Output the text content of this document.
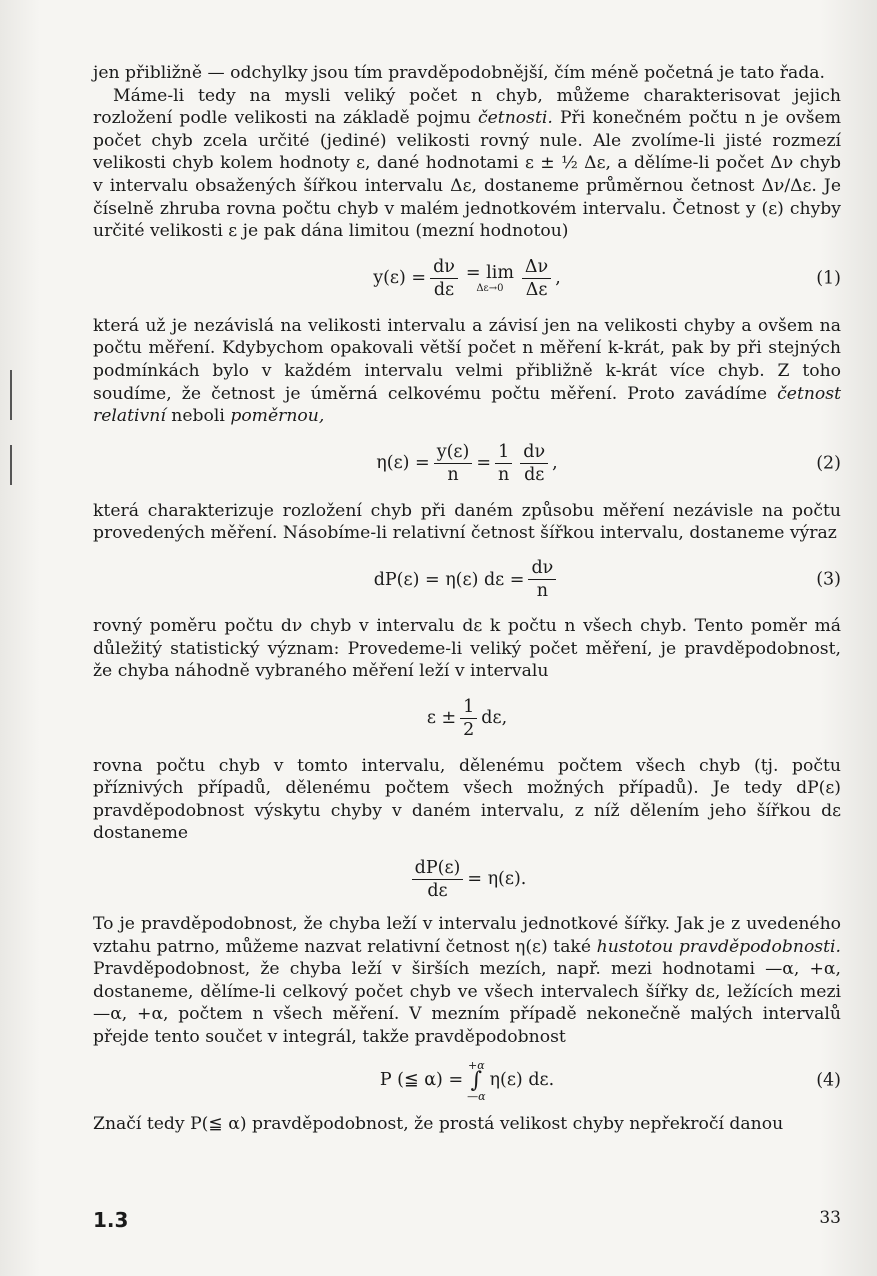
jen přibližně — odchylky jsou tím pravděpodobnější, čím méně početná je tato řada.

Máme-li tedy na mysli veliký počet n chyb, můžeme charakterisovat jejich rozložení podle velikosti na základě pojmu četnosti. Při konečném počtu n je ovšem počet chyb zcela určité (jediné) velikosti rovný nule. Ale zvolíme-li jisté rozmezí velikosti chyb kolem hodnoty ε, dané hodnotami ε ± ½ Δε, a dělíme-li počet Δν chyb v intervalu obsažených šířkou intervalu Δε, dostaneme průměrnou četnost Δν/Δε. Je číselně zhruba rovna počtu chyb v malém jednotkovém intervalu. Četnost y (ε) chyby určité velikosti ε je pak dána limitou (mezní hodnotou)

$y(\varepsilon) = \frac{d\nu}{d\varepsilon} = \lim$
$\Delta\varepsilon\to 0 \frac{\Delta\nu}{\Delta\varepsilon}$ ,	(1)

která už je nezávislá na velikosti intervalu a závisí jen na velikosti chyby a ovšem na počtu měření. Kdybychom opakovali větší počet n měření k-krát, pak by při stejných podmínkách bylo v každém intervalu velmi přibližně k-krát více chyb. Z toho soudíme, že četnost je úměrná celkovému počtu měření. Proto zavádíme četnost relativní neboli poměrnou,

$\eta(\varepsilon) = \frac{y(\varepsilon)}{n} = \frac{1}{n} \frac{d\nu}{d\varepsilon}$ ,	(2)

která charakterizuje rozložení chyb při daném způsobu měření nezávisle na počtu provedených měření. Násobíme-li relativní četnost šířkou intervalu, dostaneme výraz

dP(ε) = η(ε) $d\varepsilon = \frac{d\nu}{n}$	(3)

rovný poměru počtu dν chyb v intervalu dε k počtu n všech chyb. Tento poměr má důležitý statistický význam: Provedeme-li veliký počet měření, je pravděpodobnost, že chyba náhodně vybraného měření leží v intervalu

$\varepsilon \pm \frac{1}{2} d\varepsilon$,

rovna počtu chyb v tomto intervalu, dělenému počtem všech chyb (tj. počtu příznivých případů, dělenému počtem všech možných případů). Je tedy dP(ε) pravděpodobnost výskytu chyby v daném intervalu, z níž dělením jeho šířkou dε dostaneme

$\frac{dP(\varepsilon)}{d\varepsilon} = \eta(\varepsilon)$.

To je pravděpodobnost, že chyba leží v intervalu jednotkové šířky. Jak je z uvedeného vztahu patrno, můžeme nazvat relativní četnost η(ε) také hustotou pravděpodobnosti. Pravděpodobnost, že chyba leží v širších mezích, např. mezi hodnotami —α, +α, dostaneme, dělíme-li celkový počet chyb ve všech intervalech šířky dε, ležících mezi —α, +α, počtem n všech měření. V mezním případě nekonečně malých intervalů přejde tento součet v integrál, takže pravděpodobnost

P (≦ α) =
+α
∫
—α
η(ε) dε.	(4)

Značí tedy P(≦ α) pravděpodobnost, že prostá velikost chyby nepřekročí danou

1.3	33
